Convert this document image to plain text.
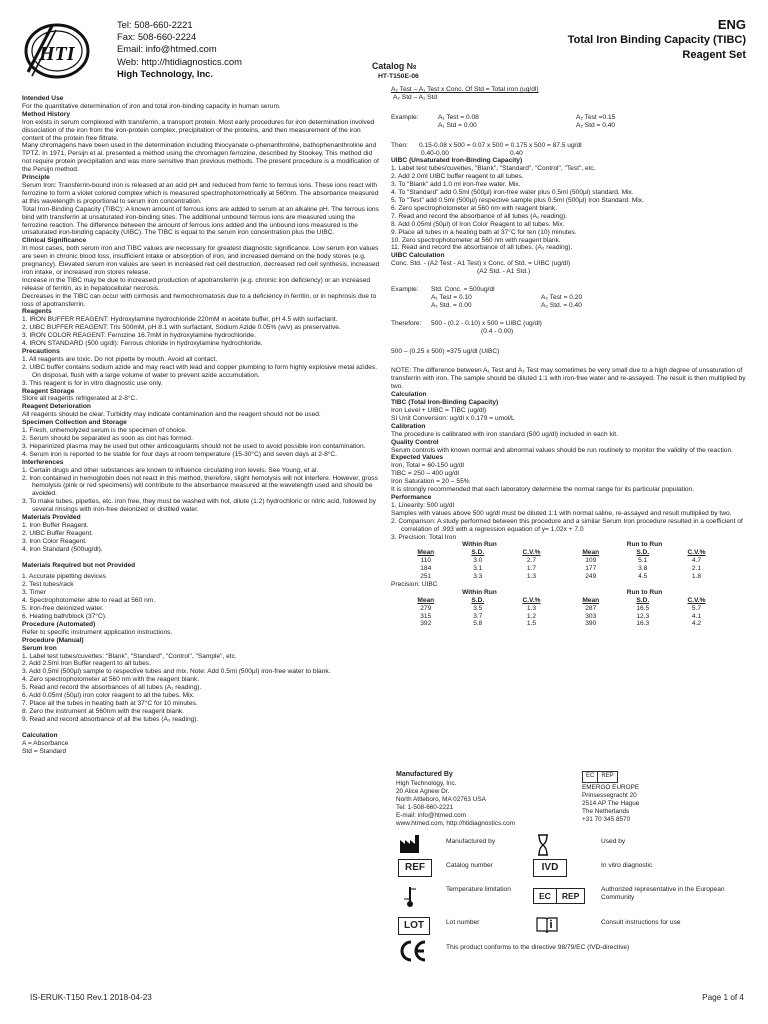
HTI
Tel: 508-660-2221
Fax: 508-660-2224
Email: info@htmed.com
Web: http://htidiagnostics.com
High Technology, Inc.
ENG
Total Iron Binding Capacity (TIBC)
Reagent Set
Catalog №
HT-T150E-06

Intended Use

For the quantitative determination of iron and total iron-binding capacity in human serum.

Method History

Iron exists in serum complexed with transferrin, a transport protein. Most early procedures for iron determination involved dissociation of the iron from the iron-protein complex, precipitation of the proteins, and then measurement of the iron content of the protein free filtrate.

Many chromagens have been used in the determination including thiocyanate o-phenanthroline, bathophenanthroline and TPTZ. In 1971, Persijn et al. presented a method using the chromagen ferrozine, described by Stookey. This method did not require protein precipitation and was more sensitive than previous methods. The present procedure is a modification of the Persijn method.

Principle

Serum Iron: Transferrin-bound iron is released at an acid pH and reduced from ferric to ferrous ions. These ions react with ferrozine to form a violet colored complex which is measured spectrophotometrically at 560nm. The absorbance measured at this wavelength is proportional to serum iron concentration.

Total Iron-Binding Capacity (TIBC): A known amount of ferrous ions are added to serum at an alkaline pH. The ferrous ions bind with transferrin at unsaturated iron-binding sites. The additional unbound ferrous ions are measured using the ferrozine reaction. The difference between the amount of ferrous ions added and the unbound ions measured is the unsaturated iron-binding capacity (UIBC). The TIBC is equal to the serum iron concentration plus the UIBC.

Clinical Significance

In most cases, both serum iron and TIBC values are necessary for greatest diagnostic significance. Low serum iron values are seen in chronic blood loss, insufficient intake or absorption of iron, and increased demand on the body stores (e.g. pregnancy). Elevated serum iron values are seen in increased red cell destruction, decreased red cell synthesis, increased iron intake, or increased iron stores release.

Increase in the TIBC may be due to increased production of apotransferrin (e.g. chronic iron deficiency) or an increased release of ferritin, as in hepatocellular necrosis.

Decreases in the TIBC can occur with cirrhosis and hemochromatosis due to a deficiency in ferritin, or in nephrosis due to loss of apotransferrin.

Reagents

1. IRON BUFFER REAGENT: Hydroxylamine hydrochloride 220mM in acetate buffer, pH 4.5 with surfactant.

2. UIBC BUFFER REAGENT: Tris 500mM, pH 8.1 with surfactant, Sodium Azide 0.05% (w/v) as preservative.

3. IRON COLOR REAGENT: Ferrozine 16.7mM in hydroxylamine hydrochloride.

4. IRON STANDARD (500 ug/dl): Ferrous chloride in hydroxylamine hydrochloride.

Precautions

1. All reagents are toxic. Do not pipette by mouth. Avoid all contact.

2. UIBC buffer contains sodium azide and may react with lead and copper plumbing to form highly explosive metal azides. On disposal, flush with a large volume of water to prevent azide accumulation.

3. This reagent is for in vitro diagnostic use only.

Reagent Storage

Store all reagents refrigerated at 2-8°C.

Reagent Deterioration

All reagents should be clear. Turbidity may indicate contamination and the reagent should not be used.

Specimen Collection and Storage

1. Fresh, unhemolyzed serum is the specimen of choice.

2. Serum should be separated as soon as clot has formed.

3. Heparinized plasma may be used but other anticoagulants should not be used to avoid possible iron contamination.

4. Serum iron is reported to be stable for four days at room temperature (15-30°C) and seven days at 2-8°C.

Interferences

1. Certain drugs and other substances are known to influence circulating iron levels. See Young, et al.

2. Iron contained in hemoglobin does not react in this method, therefore, slight hemolysis will not interfere. However, gross hemolysis (pink or red specimens) will contribute to the absorbance measured at the wavelength used and should be avoided.

3. To make tubes, pipettes, etc. iron free, they must be washed with hot, dilute (1:2) hydrochloric or nitric acid, followed by several rinsings with iron-free deionized or distilled water.

Materials Provided

1. Iron Buffer Reagent.

2. UIBC Buffer Reagent.

3. Iron Color Reagent.

4. Iron Standard (500ug/dl).

Materials Required but not Provided

1. Accurate pipetting devices

2. Test tubes/rack

3. Timer

4. Spectrophotometer able to read at 560 nm.

5. Iron-free deionized water.

6. Heating bath/block (37°C).

Procedure (Automated)

Refer to specific instrument application instructions.

Procedure (Manual)

Serum Iron

1. Label test tubes/cuvettes: "Blank", "Standard", "Control", "Sample", etc.

2. Add 2.5ml Iron Buffer reagent to all tubes.

3. Add 0.5ml (500µl) sample to respective tubes and mix. Note: Add 0.5ml (500µl) iron-free water to blank.

4. Zero spectrophotometer at 560 nm with the reagent blank.

5. Read and record the absorbances of all tubes (A₁ reading).

6. Add 0.05ml (50µl) iron color reagent to all the tubes. Mix.

7. Place all the tubes in heating bath at 37°C for 10 minutes.

8. Zero the instrument at 560nm with the reagent blank.

9. Read and record absorbance of all the tubes (A₂ reading).

Calculation

A = Absorbance

Std = Standard

A₂ Test – A₁ Test x Conc. Of Std = Total iron (ug/dl)

A₂ Std – A₁ Std

Example:	A₁ Test = 0.08	A₂ Test =0.15
A₁ Std = 0.00	A₂ Std = 0.40
Then:	0.15-0.08 x 500 = 0.07 x 500 = 0.175 x 500 = 87.5 ug/dl
0.40-0.00	0.40

UIBC (Unsaturated Iron-Binding Capacity)

1. Label test tubes/cuvettes, "Blank", "Standard", "Control", "Test", etc.

2. Add 2.0ml UIBC buffer reagent to all tubes.

3. To "Blank" add 1.0 ml iron-free water. Mix.

4. To "Standard" add 0.5ml (500µl) iron-free water plus 0.5ml (500µl) standard. Mix.

5. To "Test" add 0.5ml (500µl) respective sample plus 0.5ml (500µl) Iron Standard. Mix.

6. Zero spectrophotometer at 560 nm with reagent blank.

7. Read and record the absorbance of all tubes (A₁ reading).

8. Add 0.05ml (50µl) of Iron Color Reagent to all tubes. Mix.

9. Place all tubes in a heating bath at 37°C for ten (10) minutes.

10. Zero spectrophotometer at 560 nm with reagent blank.

11. Read and record the absorbance of all tubes. (A₂ reading).

UIBC Calculation

Conc. Std. - (A2 Test - A1 Test) x Conc. of Std. = UIBC (ug/dl)

(A2 Std. - A1 Std.)

Example:	Std. Conc. = 500ug/dl
A₁ Test = 0.10	A₂ Test = 0.20
A₁ Std. = 0.00	A₂ Std. = 0.40
Therefore:	500 - (0.2 - 0.10) x 500 = UIBC (ug/dl)

(0.4 - 0.00)

500 – (0.25 x 500) =375 ug/dl (UIBC)

NOTE: The difference between A₁ Test and A₂ Test may sometimes be very small due to a high degree of unsaturation of transferrin with iron. The sample should be diluted 1:1 with iron-free water and re-assayed. The result is then multiplied by two.

Calculation

TIBC (Total Iron-Binding Capacity)

Iron Level + UIBC = TIBC (ug/dl)

SI Unit Conversion: ug/dl x 0.179 = umol/L

Calibration

The procedure is calibrated with iron standard (500 ug/dl) included in each kit.

Quality Control

Serum controls with known normal and abnormal values should be run routinely to monitor the validity of the reaction.

Expected Values

Iron, Total = 60-150 ug/dl

TIBC = 250 – 400 ug/dl

Iron Saturation = 20 – 55%

It is strongly recommended that each laboratory determine the normal range for its particular population.

Performance

1. Linearity: 500 ug/dl

Samples with values above 500 ug/dl must be diluted 1:1 with normal saline, re-assayed and result multiplied by two.

2. Comparison: A study performed between this procedure and a similar Serum Iron procedure resulted in a coefficient of correlation of .993 with a regression equation of y= 1.02x + 7.0

3. Precision: Total Iron

Within Run			Run to Run		
Mean	S.D.	C.V.%	Mean	S.D.	C.V.%
110	3.0	2.7	109	5.1	4.7
184	3.1	1.7	177	3.8	2.1
251	3.3	1.3	249	4.5	1.8

Precision: UIBC

Within Run			Run to Run		
Mean	S.D.	C.V.%	Mean	S.D.	C.V.%
279	3.5	1.3	287	16.5	5.7
315	3.7	1.2	303	12.3	4.1
392	5.8	1.5	390	16.3	4.2

Manufactured By

High Technology, Inc.

20 Alice Agnew Dr.

North Attleboro, MA 02763 USA

Tel: 1-508-660-2221

E-mail: info@htmed.com

www.htmed.com, http://htidiagnostics.com

EC	REP

EMERGO EUROPE

Prinsessegracht 20

2514 AP The Hague

The Netherlands

+31 70 345 8570

Manufactured by	Used by
REF	Catalog number	IVD	In vitro diagnostic
Temperature limitation
EC	REP
Authorized representative in the European Community
LOT	Lot number	Consult instructions for use
This product conforms to the directive 98/79/EC (IVD-directive)
IS-ERUK-T150 Rev.1 2018-04-23	Page 1 of 4
